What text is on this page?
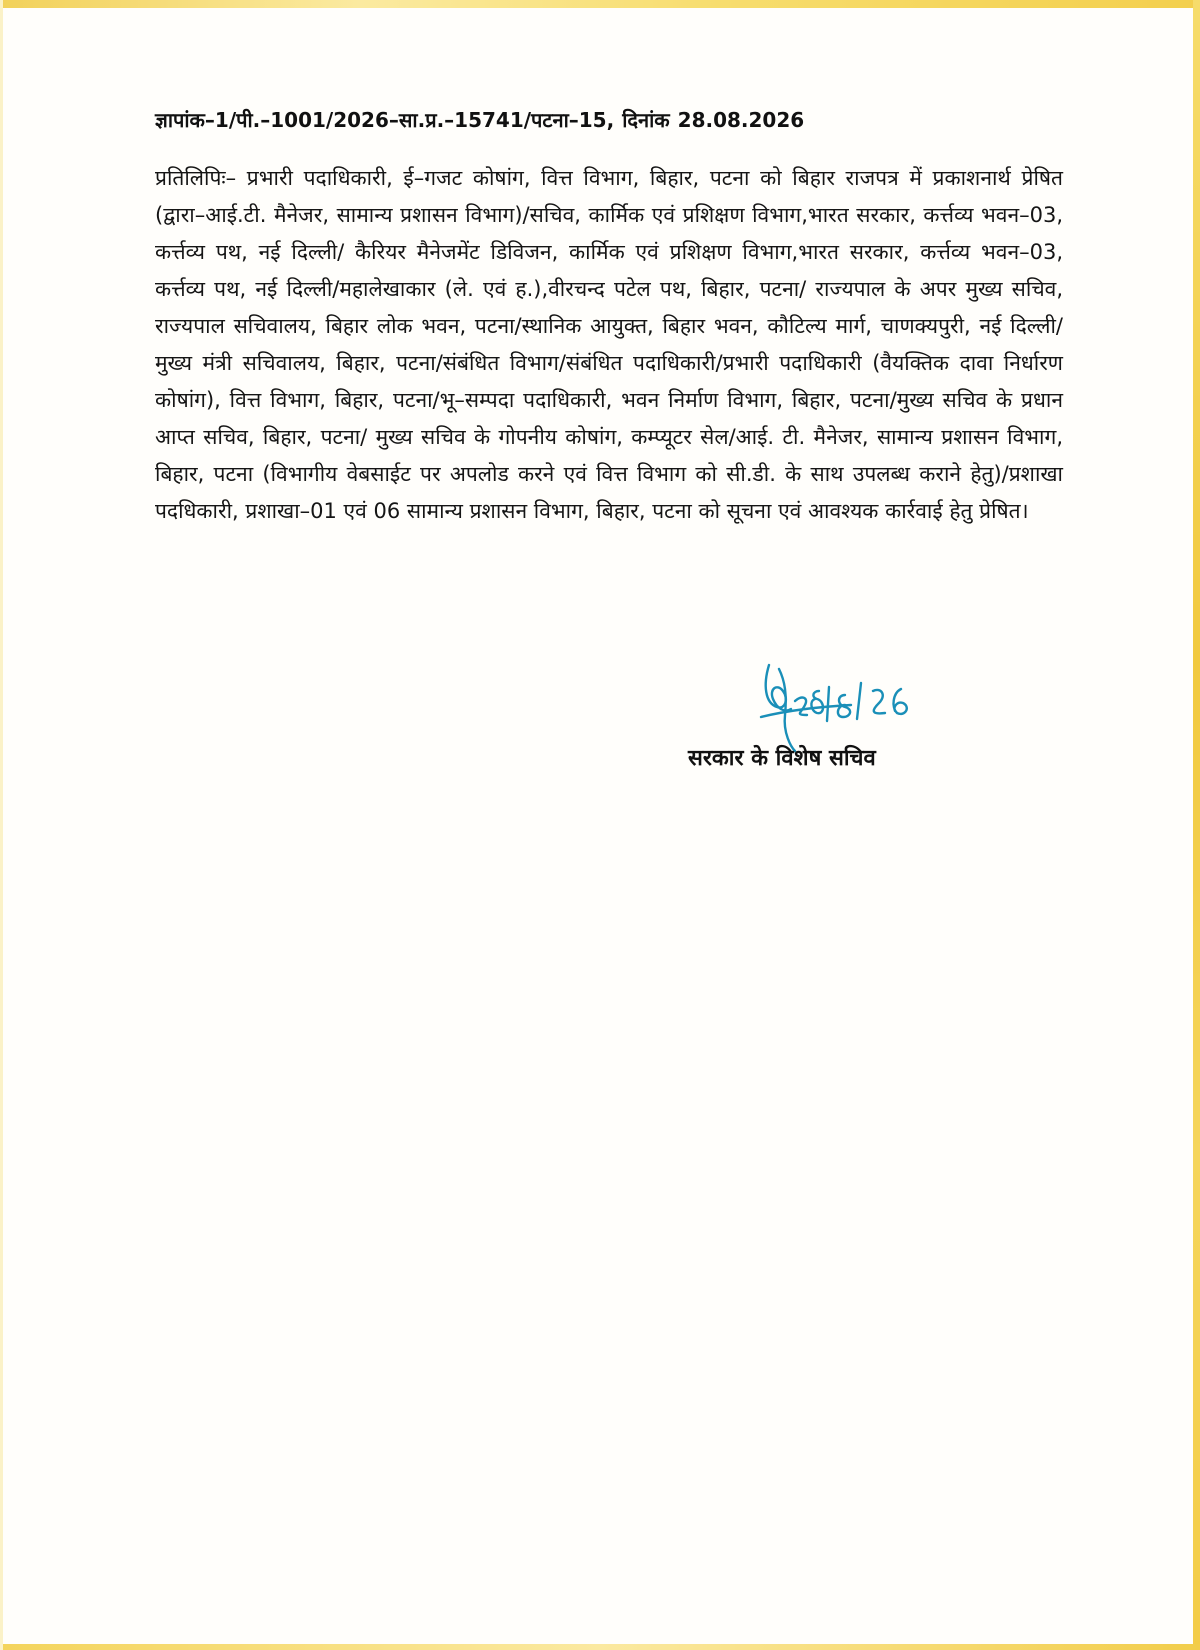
ज्ञापांक–1/पी.–1001/2026–सा.प्र.–15741/पटना–15, दिनांक 28.08.2026

प्रतिलिपिः– प्रभारी पदाधिकारी, ई–गजट कोषांग, वित्त विभाग, बिहार, पटना को बिहार राजपत्र में प्रकाशनार्थ प्रेषित (द्वारा–आई.टी. मैनेजर, सामान्य प्रशासन विभाग)/सचिव, कार्मिक एवं प्रशिक्षण विभाग,भारत सरकार, कर्त्तव्य भवन–03, कर्त्तव्य पथ, नई दिल्ली/ कैरियर मैनेजमेंट डिविजन, कार्मिक एवं प्रशिक्षण विभाग,भारत सरकार, कर्त्तव्य भवन–03, कर्त्तव्य पथ, नई दिल्ली/महालेखाकार (ले. एवं ह.),वीरचन्द पटेल पथ, बिहार, पटना/ राज्यपाल के अपर मुख्य सचिव, राज्यपाल सचिवालय, बिहार लोक भवन, पटना/स्थानिक आयुक्त, बिहार भवन, कौटिल्य मार्ग, चाणक्यपुरी, नई दिल्ली/मुख्य मंत्री सचिवालय, बिहार, पटना/संबंधित विभाग/संबंधित पदाधिकारी/प्रभारी पदाधिकारी (वैयक्तिक दावा निर्धारण कोषांग), वित्त विभाग, बिहार, पटना/भू–सम्पदा पदाधिकारी, भवन निर्माण विभाग, बिहार, पटना/मुख्य सचिव के प्रधान आप्त सचिव, बिहार, पटना/ मुख्य सचिव के गोपनीय कोषांग, कम्प्यूटर सेल/आई. टी. मैनेजर, सामान्य प्रशासन विभाग, बिहार, पटना (विभागीय वेबसाईट पर अपलोड करने एवं वित्त विभाग को सी.डी. के साथ उपलब्ध कराने हेतु)/प्रशाखा पदधिकारी, प्रशाखा–01 एवं 06 सामान्य प्रशासन विभाग, बिहार, पटना को सूचना एवं आवश्यक कार्रवाई हेतु प्रेषित।

सरकार के विशेष सचिव
